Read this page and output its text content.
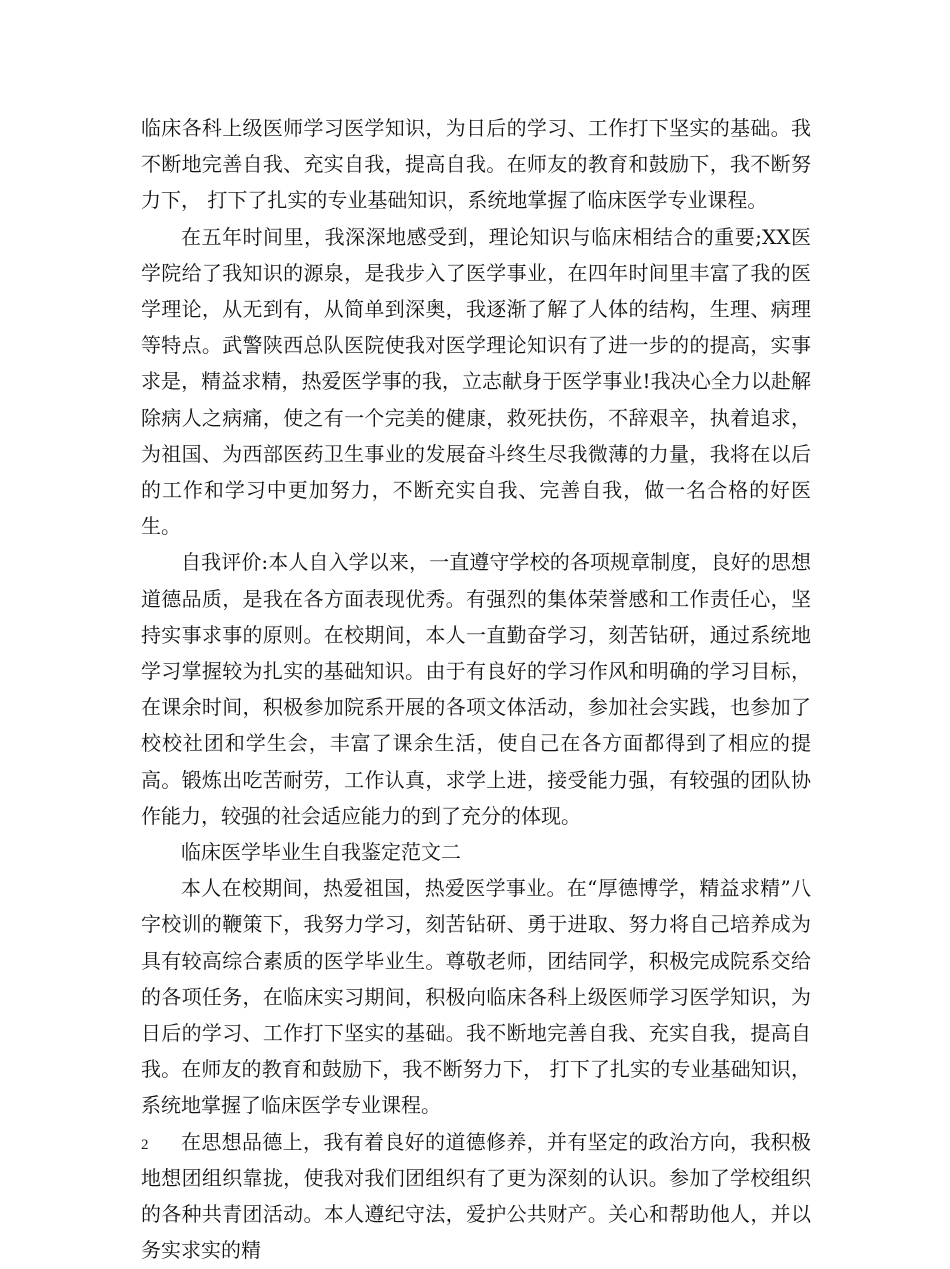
临床各科上级医师学习医学知识，为日后的学习、工作打下坚实的基础。我不断地完善自我、充实自我，提高自我。在师友的教育和鼓励下，我不断努力下， 打下了扎实的专业基础知识，系统地掌握了临床医学专业课程。

在五年时间里，我深深地感受到，理论知识与临床相结合的重要;XX医学院给了我知识的源泉，是我步入了医学事业，在四年时间里丰富了我的医学理论，从无到有，从简单到深奥，我逐渐了解了人体的结构，生理、病理等特点。武警陕西总队医院使我对医学理论知识有了进一步的的提高，实事求是，精益求精，热爱医学事的我，立志献身于医学事业!我决心全力以赴解除病人之病痛，使之有一个完美的健康，救死扶伤，不辞艰辛，执着追求，为祖国、为西部医药卫生事业的发展奋斗终生尽我微薄的力量，我将在以后的工作和学习中更加努力，不断充实自我、完善自我，做一名合格的好医生。

自我评价:本人自入学以来，一直遵守学校的各项规章制度，良好的思想道德品质，是我在各方面表现优秀。有强烈的集体荣誉感和工作责任心，坚持实事求事的原则。在校期间，本人一直勤奋学习，刻苦钻研，通过系统地学习掌握较为扎实的基础知识。由于有良好的学习作风和明确的学习目标，在课余时间，积极参加院系开展的各项文体活动，参加社会实践，也参加了校校社团和学生会，丰富了课余生活，使自己在各方面都得到了相应的提高。锻炼出吃苦耐劳，工作认真，求学上进，接受能力强，有较强的团队协作能力，较强的社会适应能力的到了充分的体现。

临床医学毕业生自我鉴定范文二

本人在校期间，热爱祖国，热爱医学事业。在“厚德博学，精益求精”八字校训的鞭策下，我努力学习，刻苦钻研、勇于进取、努力将自己培养成为具有较高综合素质的医学毕业生。尊敬老师，团结同学，积极完成院系交给的各项任务，在临床实习期间，积极向临床各科上级医师学习医学知识，为日后的学习、工作打下坚实的基础。我不断地完善自我、充实自我，提高自我。在师友的教育和鼓励下，我不断努力下， 打下了扎实的专业基础知识，系统地掌握了临床医学专业课程。

在思想品德上，我有着良好的道德修养，并有坚定的政治方向，我积极地想团组织靠拢，使我对我们团组织有了更为深刻的认识。参加了学校组织的各种共青团活动。本人遵纪守法，爱护公共财产。关心和帮助他人，并以务实求实的精

2
